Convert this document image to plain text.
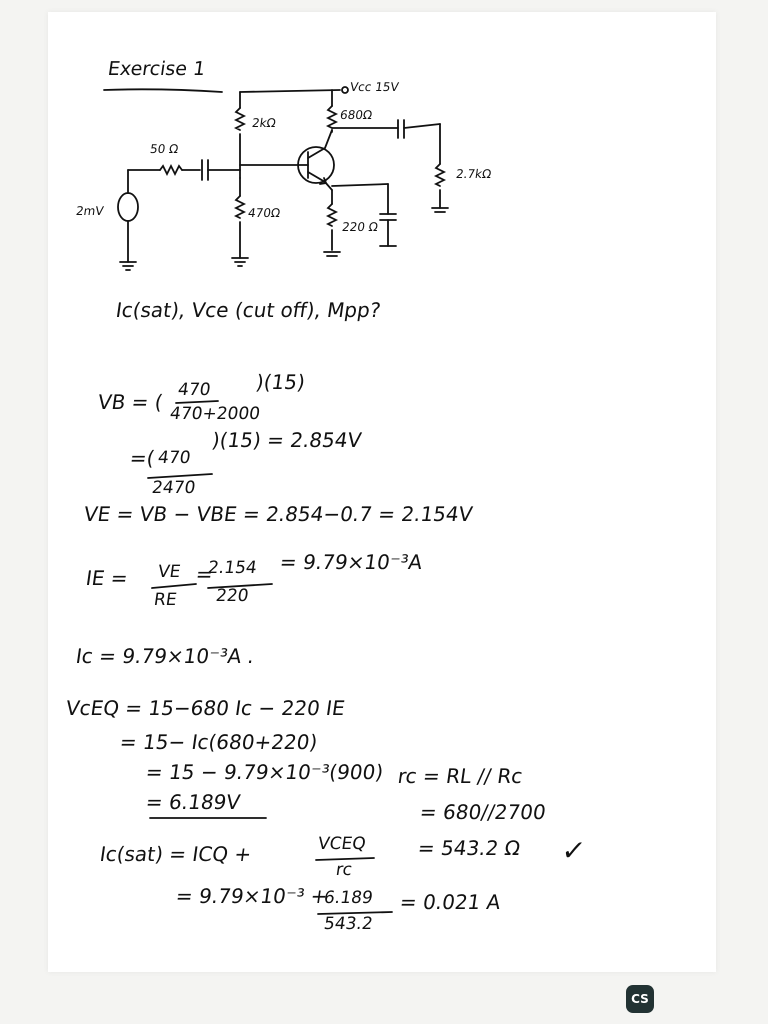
Exercise 1
Vcc 15V
2kΩ
680Ω
50 Ω
2.7kΩ
2mV	470Ω
220 Ω
Ic(sat), Vce (cut off), Mpp?
VB = ( 470
470+2000
)(15)
=( 470
2470
)(15) = 2.854V
VE = VB − VBE = 2.854−0.7 = 2.154V
IE = VE
RE
=
2.154
220
= 9.79×10⁻³A
Ic = 9.79×10⁻³A .
VcEQ = 15−680 Ic − 220 IE
= 15− Ic(680+220)
= 15 − 9.79×10⁻³(900)
= 6.189V
rc = RL // Rc
= 680//2700
= 543.2 Ω ✓
Ic(sat) = ICQ +	VCEQ
rc
= 9.79×10⁻³ +
6.189
543.2
= 0.021 A
CS
